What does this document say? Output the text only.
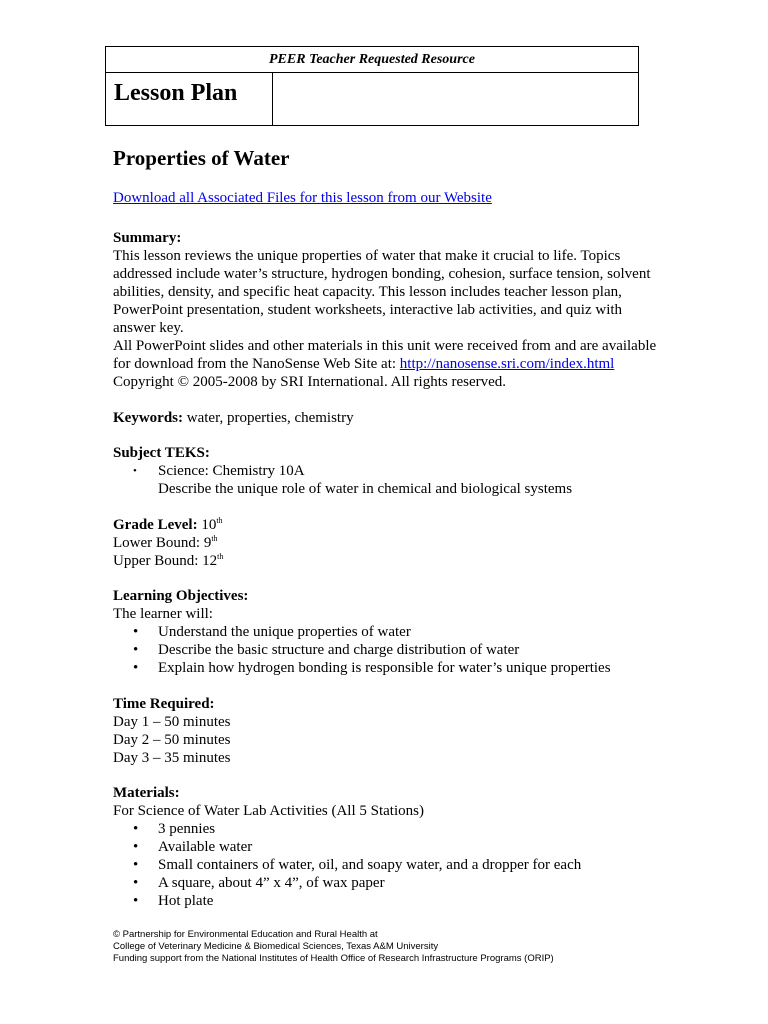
PEER Teacher Requested Resource
Lesson Plan
Properties of Water
Download all Associated Files for this lesson from our Website

Summary:

This lesson reviews the unique properties of water that make it crucial to life. Topics addressed include water’s structure, hydrogen bonding, cohesion, surface tension, solvent abilities, density, and specific heat capacity. This lesson includes teacher lesson plan, PowerPoint presentation, student worksheets, interactive lab activities, and quiz with answer key.

All PowerPoint slides and other materials in this unit were received from and are available for download from the NanoSense Web Site at: http://nanosense.sri.com/index.html Copyright © 2005-2008 by SRI International. All rights reserved.

Keywords: water, properties, chemistry

Subject TEKS:

• Science: Chemistry 10A

Describe the unique role of water in chemical and biological systems

Grade Level: 10th

Lower Bound: 9th

Upper Bound: 12th

Learning Objectives:

The learner will:

• Understand the unique properties of water
• Describe the basic structure and charge distribution of water
• Explain how hydrogen bonding is responsible for water’s unique properties

Time Required:

Day 1 – 50 minutes

Day 2 – 50 minutes

Day 3 – 35 minutes

Materials:

For Science of Water Lab Activities (All 5 Stations)

• 3 pennies
• Available water
• Small containers of water, oil, and soapy water, and a dropper for each
• A square, about 4” x 4”, of wax paper
• Hot plate
© Partnership for Environmental Education and Rural Health at
College of Veterinary Medicine & Biomedical Sciences, Texas A&M University
Funding support from the National Institutes of Health Office of Research Infrastructure Programs (ORIP)
